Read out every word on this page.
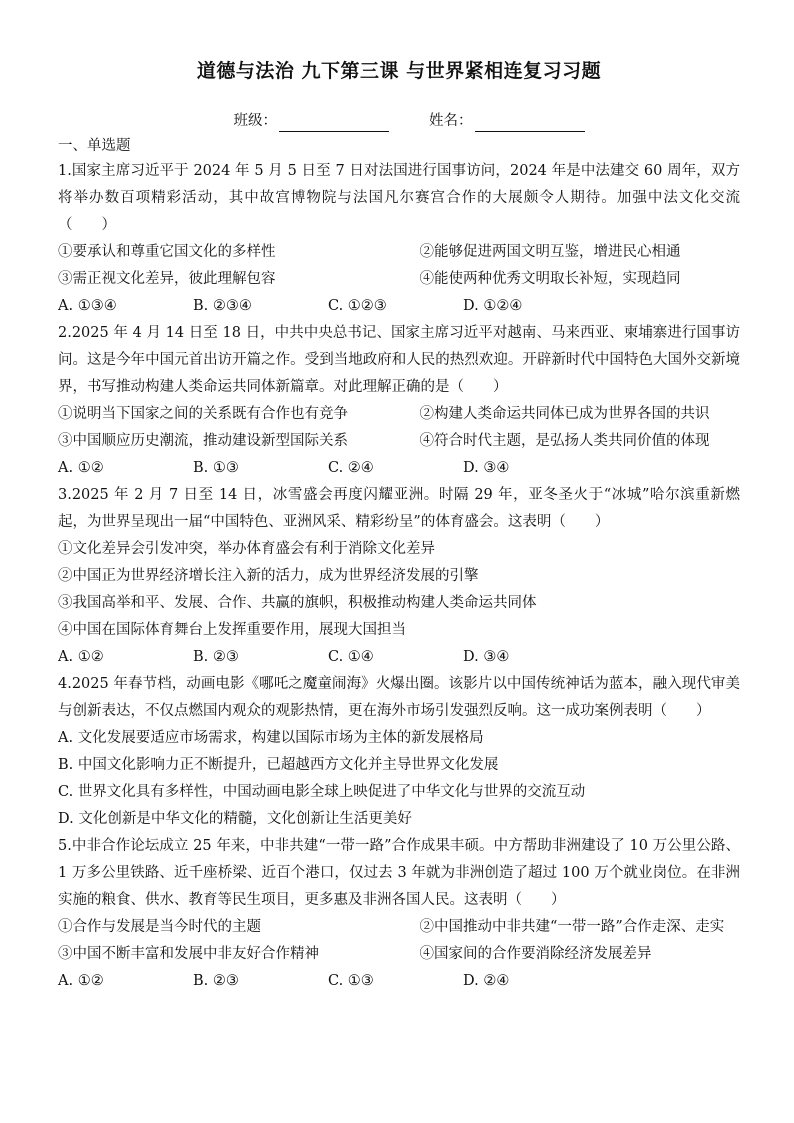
道德与法治 九下第三课 与世界紧相连复习习题
班级：	姓名：
一、单选题

1.国家主席习近平于 2024 年 5 月 5 日至 7 日对法国进行国事访问，2024 年是中法建交 60 周年，双方将举办数百项精彩活动，其中故宫博物院与法国凡尔赛宫合作的大展颇令人期待。加强中法文化交流（　　）

①要承认和尊重它国文化的多样性	②能够促进两国文明互鉴，增进民心相通
③需正视文化差异，彼此理解包容	④能使两种优秀文明取长补短，实现趋同
A. ①③④	B. ②③④	C. ①②③	D. ①②④

2.2025 年 4 月 14 日至 18 日，中共中央总书记、国家主席习近平对越南、马来西亚、柬埔寨进行国事访问。这是今年中国元首出访开篇之作。受到当地政府和人民的热烈欢迎。开辟新时代中国特色大国外交新境界，书写推动构建人类命运共同体新篇章。对此理解正确的是（　　）

①说明当下国家之间的关系既有合作也有竞争	②构建人类命运共同体已成为世界各国的共识
③中国顺应历史潮流，推动建设新型国际关系	④符合时代主题，是弘扬人类共同价值的体现
A. ①②	B. ①③	C. ②④	D. ③④

3.2025 年 2 月 7 日至 14 日，冰雪盛会再度闪耀亚洲。时隔 29 年，亚冬圣火于“冰城”哈尔滨重新燃起，为世界呈现出一届“中国特色、亚洲风采、精彩纷呈”的体育盛会。这表明（　　）

①文化差异会引发冲突，举办体育盛会有利于消除文化差异
②中国正为世界经济增长注入新的活力，成为世界经济发展的引擎
③我国高举和平、发展、合作、共赢的旗帜，积极推动构建人类命运共同体
④中国在国际体育舞台上发挥重要作用，展现大国担当
A. ①②	B. ②③	C. ①④	D. ③④

4.2025 年春节档，动画电影《哪吒之魔童闹海》火爆出圈。该影片以中国传统神话为蓝本，融入现代审美与创新表达，不仅点燃国内观众的观影热情，更在海外市场引发强烈反响。这一成功案例表明（　　）

A. 文化发展要适应市场需求，构建以国际市场为主体的新发展格局
B. 中国文化影响力正不断提升，已超越西方文化并主导世界文化发展
C. 世界文化具有多样性，中国动画电影全球上映促进了中华文化与世界的交流互动
D. 文化创新是中华文化的精髓，文化创新让生活更美好

5.中非合作论坛成立 25 年来，中非共建“一带一路”合作成果丰硕。中方帮助非洲建设了 10 万公里公路、1 万多公里铁路、近千座桥梁、近百个港口，仅过去 3 年就为非洲创造了超过 100 万个就业岗位。在非洲实施的粮食、供水、教育等民生项目，更多惠及非洲各国人民。这表明（　　）

①合作与发展是当今时代的主题	②中国推动中非共建“一带一路”合作走深、走实
③中国不断丰富和发展中非友好合作精神	④国家间的合作要消除经济发展差异
A. ①②	B. ②③	C. ①③	D. ②④
